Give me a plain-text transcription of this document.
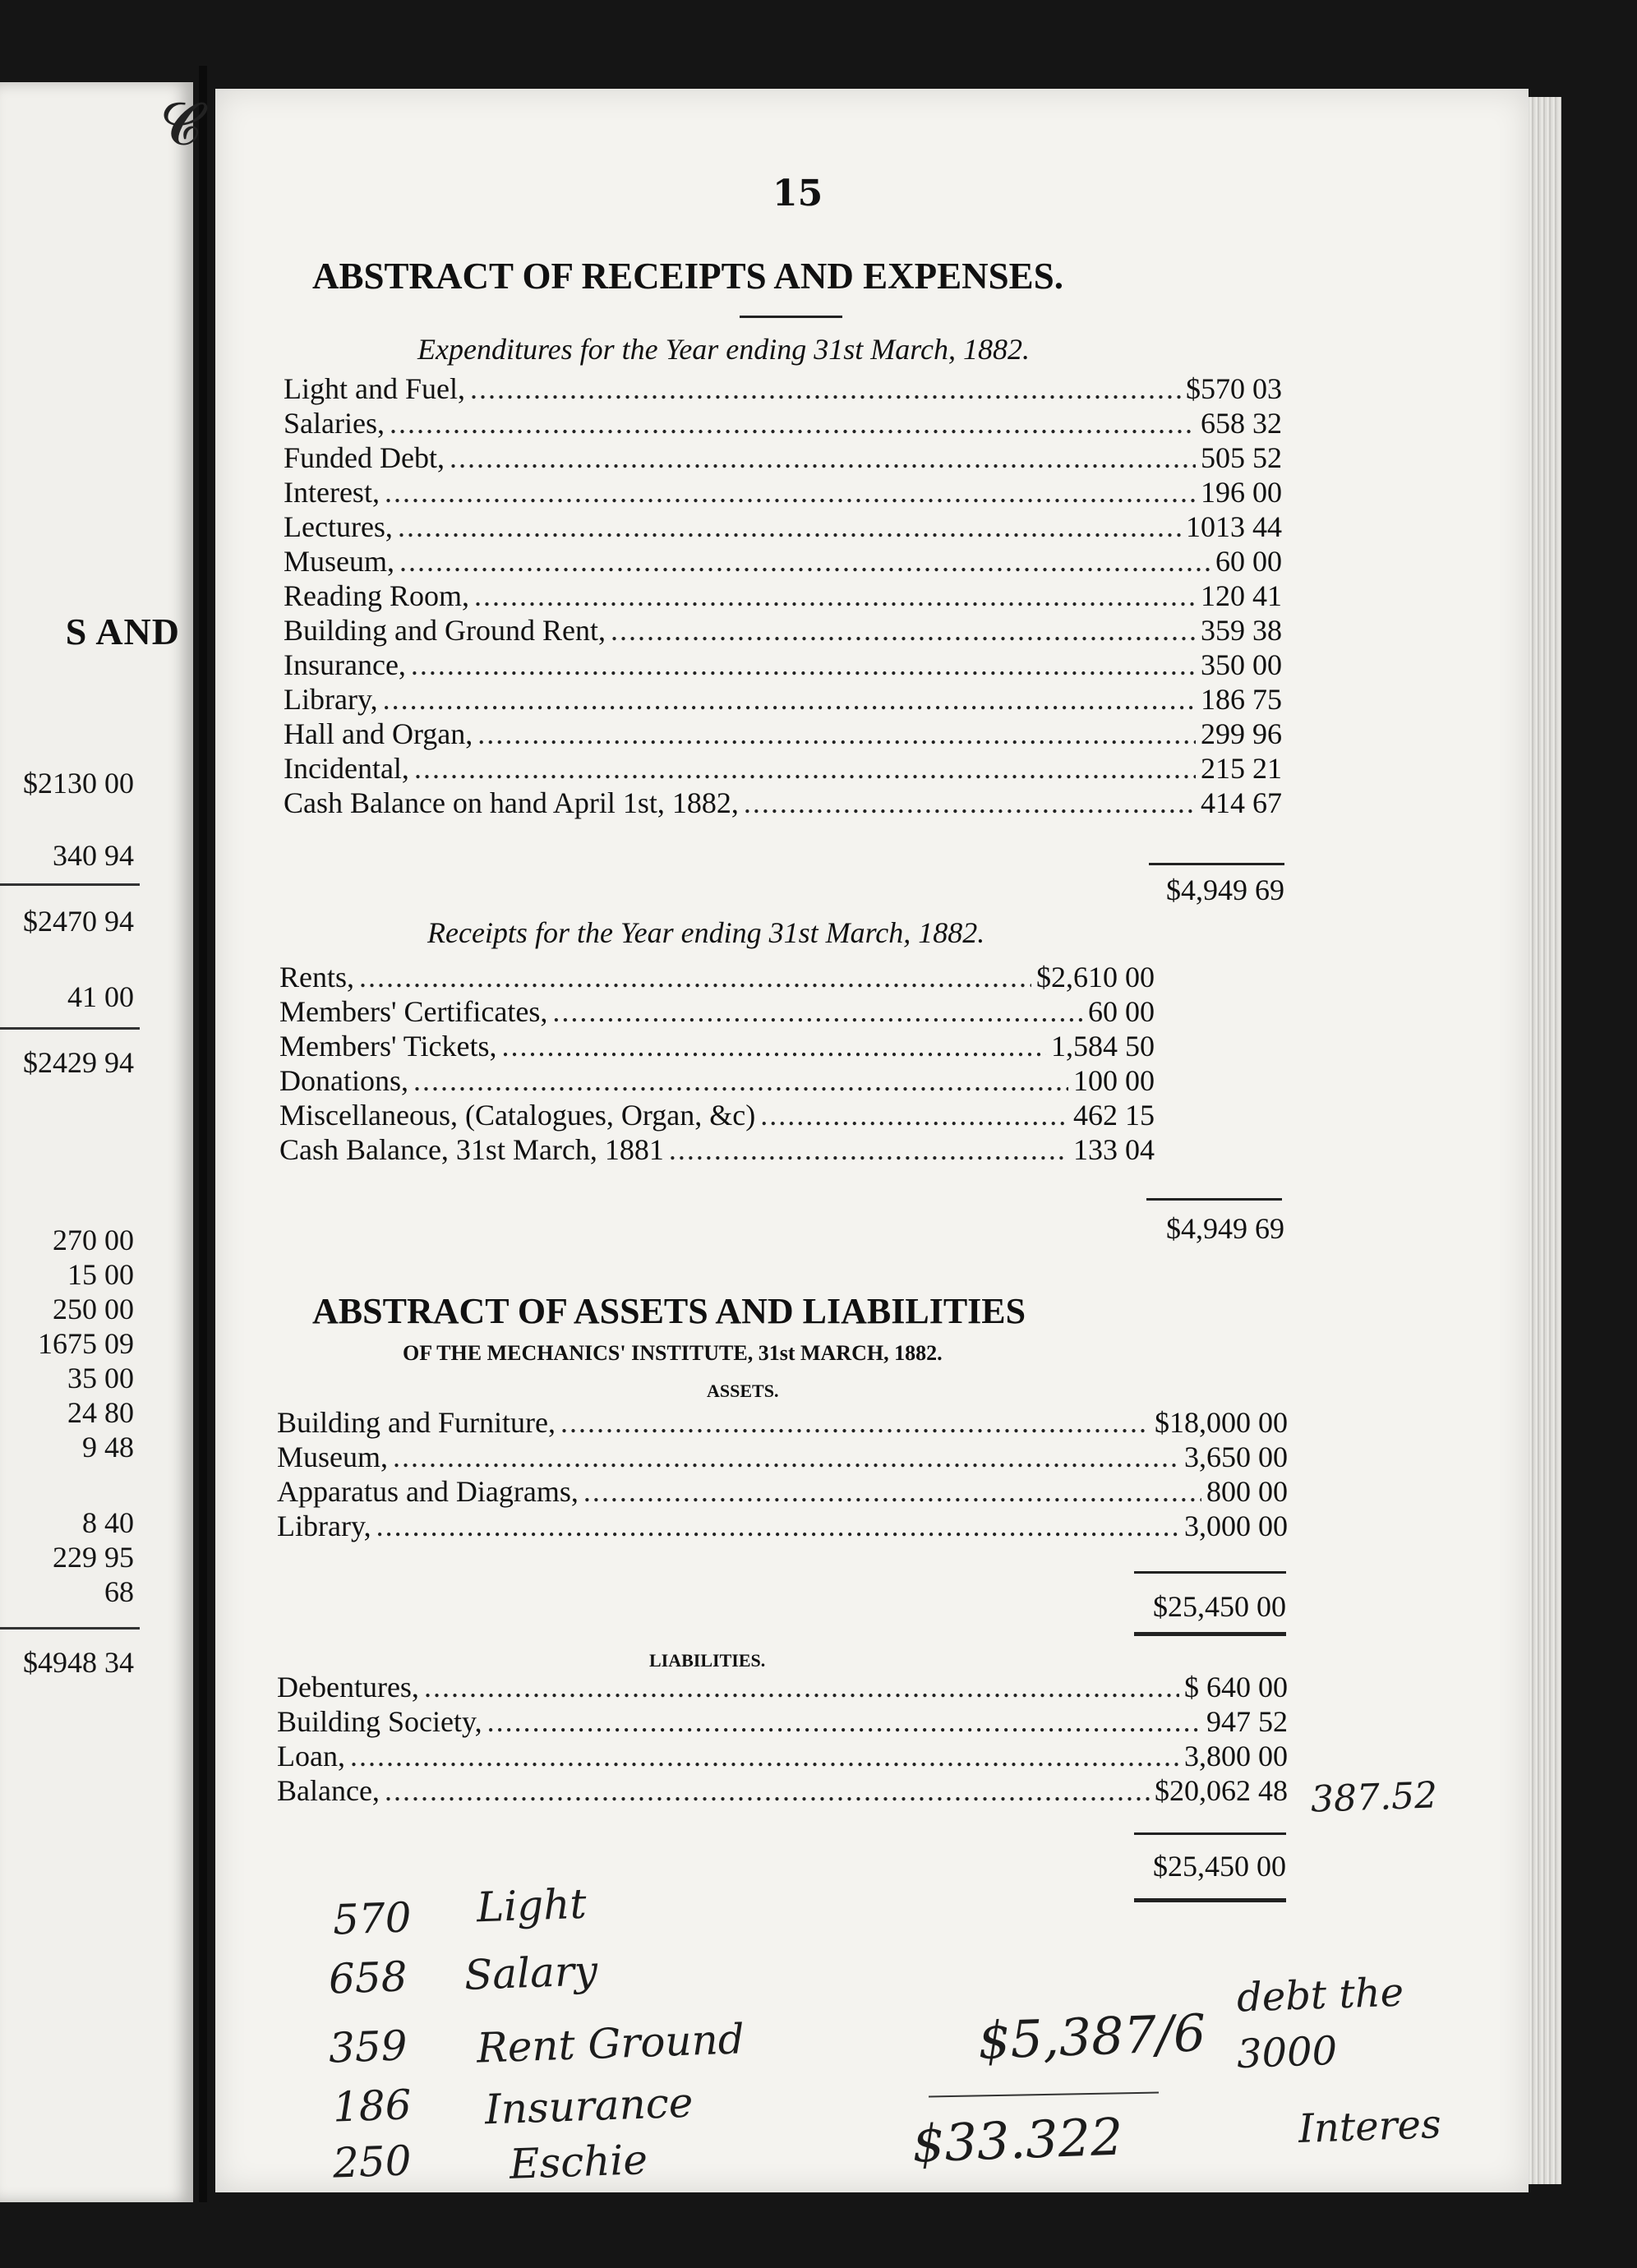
S AND
$2130 00
340 94
$2470 94
41 00
$2429 94
270 00
15 00
250 00
1675 09
35 00
24 80
9 48
8 40
229 95
68
$4948 34
𝓒
15
ABSTRACT OF RECEIPTS AND EXPENSES.
Expenditures for the Year ending 31st March, 1882.
Light and Fuel, .....	$570 03
Salaries, .....	658 32
Funded Debt, .....	505 52
Interest, .....	196 00
Lectures, .....	1013 44
Museum, .....	60 00
Reading Room, .....	120 41
Building and Ground Rent, .....	359 38
Insurance, .....	350 00
Library, .....	186 75
Hall and Organ, .....	299 96
Incidental, .....	215 21
Cash Balance on hand April 1st, 1882, .....	414 67
$4,949 69
Receipts for the Year ending 31st March, 1882.
Rents, .....	$2,610 00
Members' Certificates, .....	60 00
Members' Tickets, .....	1,584 50
Donations, .....	100 00
Miscellaneous, (Catalogues, Organ, &c) .....	462 15
Cash Balance, 31st March, 1881 .....	133 04
$4,949 69
ABSTRACT OF ASSETS AND LIABILITIES
OF THE MECHANICS' INSTITUTE, 31st MARCH, 1882.
ASSETS.
Building and Furniture, .....	$18,000 00
Museum, .....	3,650 00
Apparatus and Diagrams, .....	800 00
Library, .....	3,000 00
$25,450 00
LIABILITIES.
Debentures, .....	$ 640 00
Building Society, .....	947 52
Loan, .....	3,800 00
Balance, .....	$20,062 48
$25,450 00
387.52
570 Light
658 Salary
359 Rent Ground
186 Insurance
250 Eschie
$5,387/6
$33.322
debt the
3000
Interes
